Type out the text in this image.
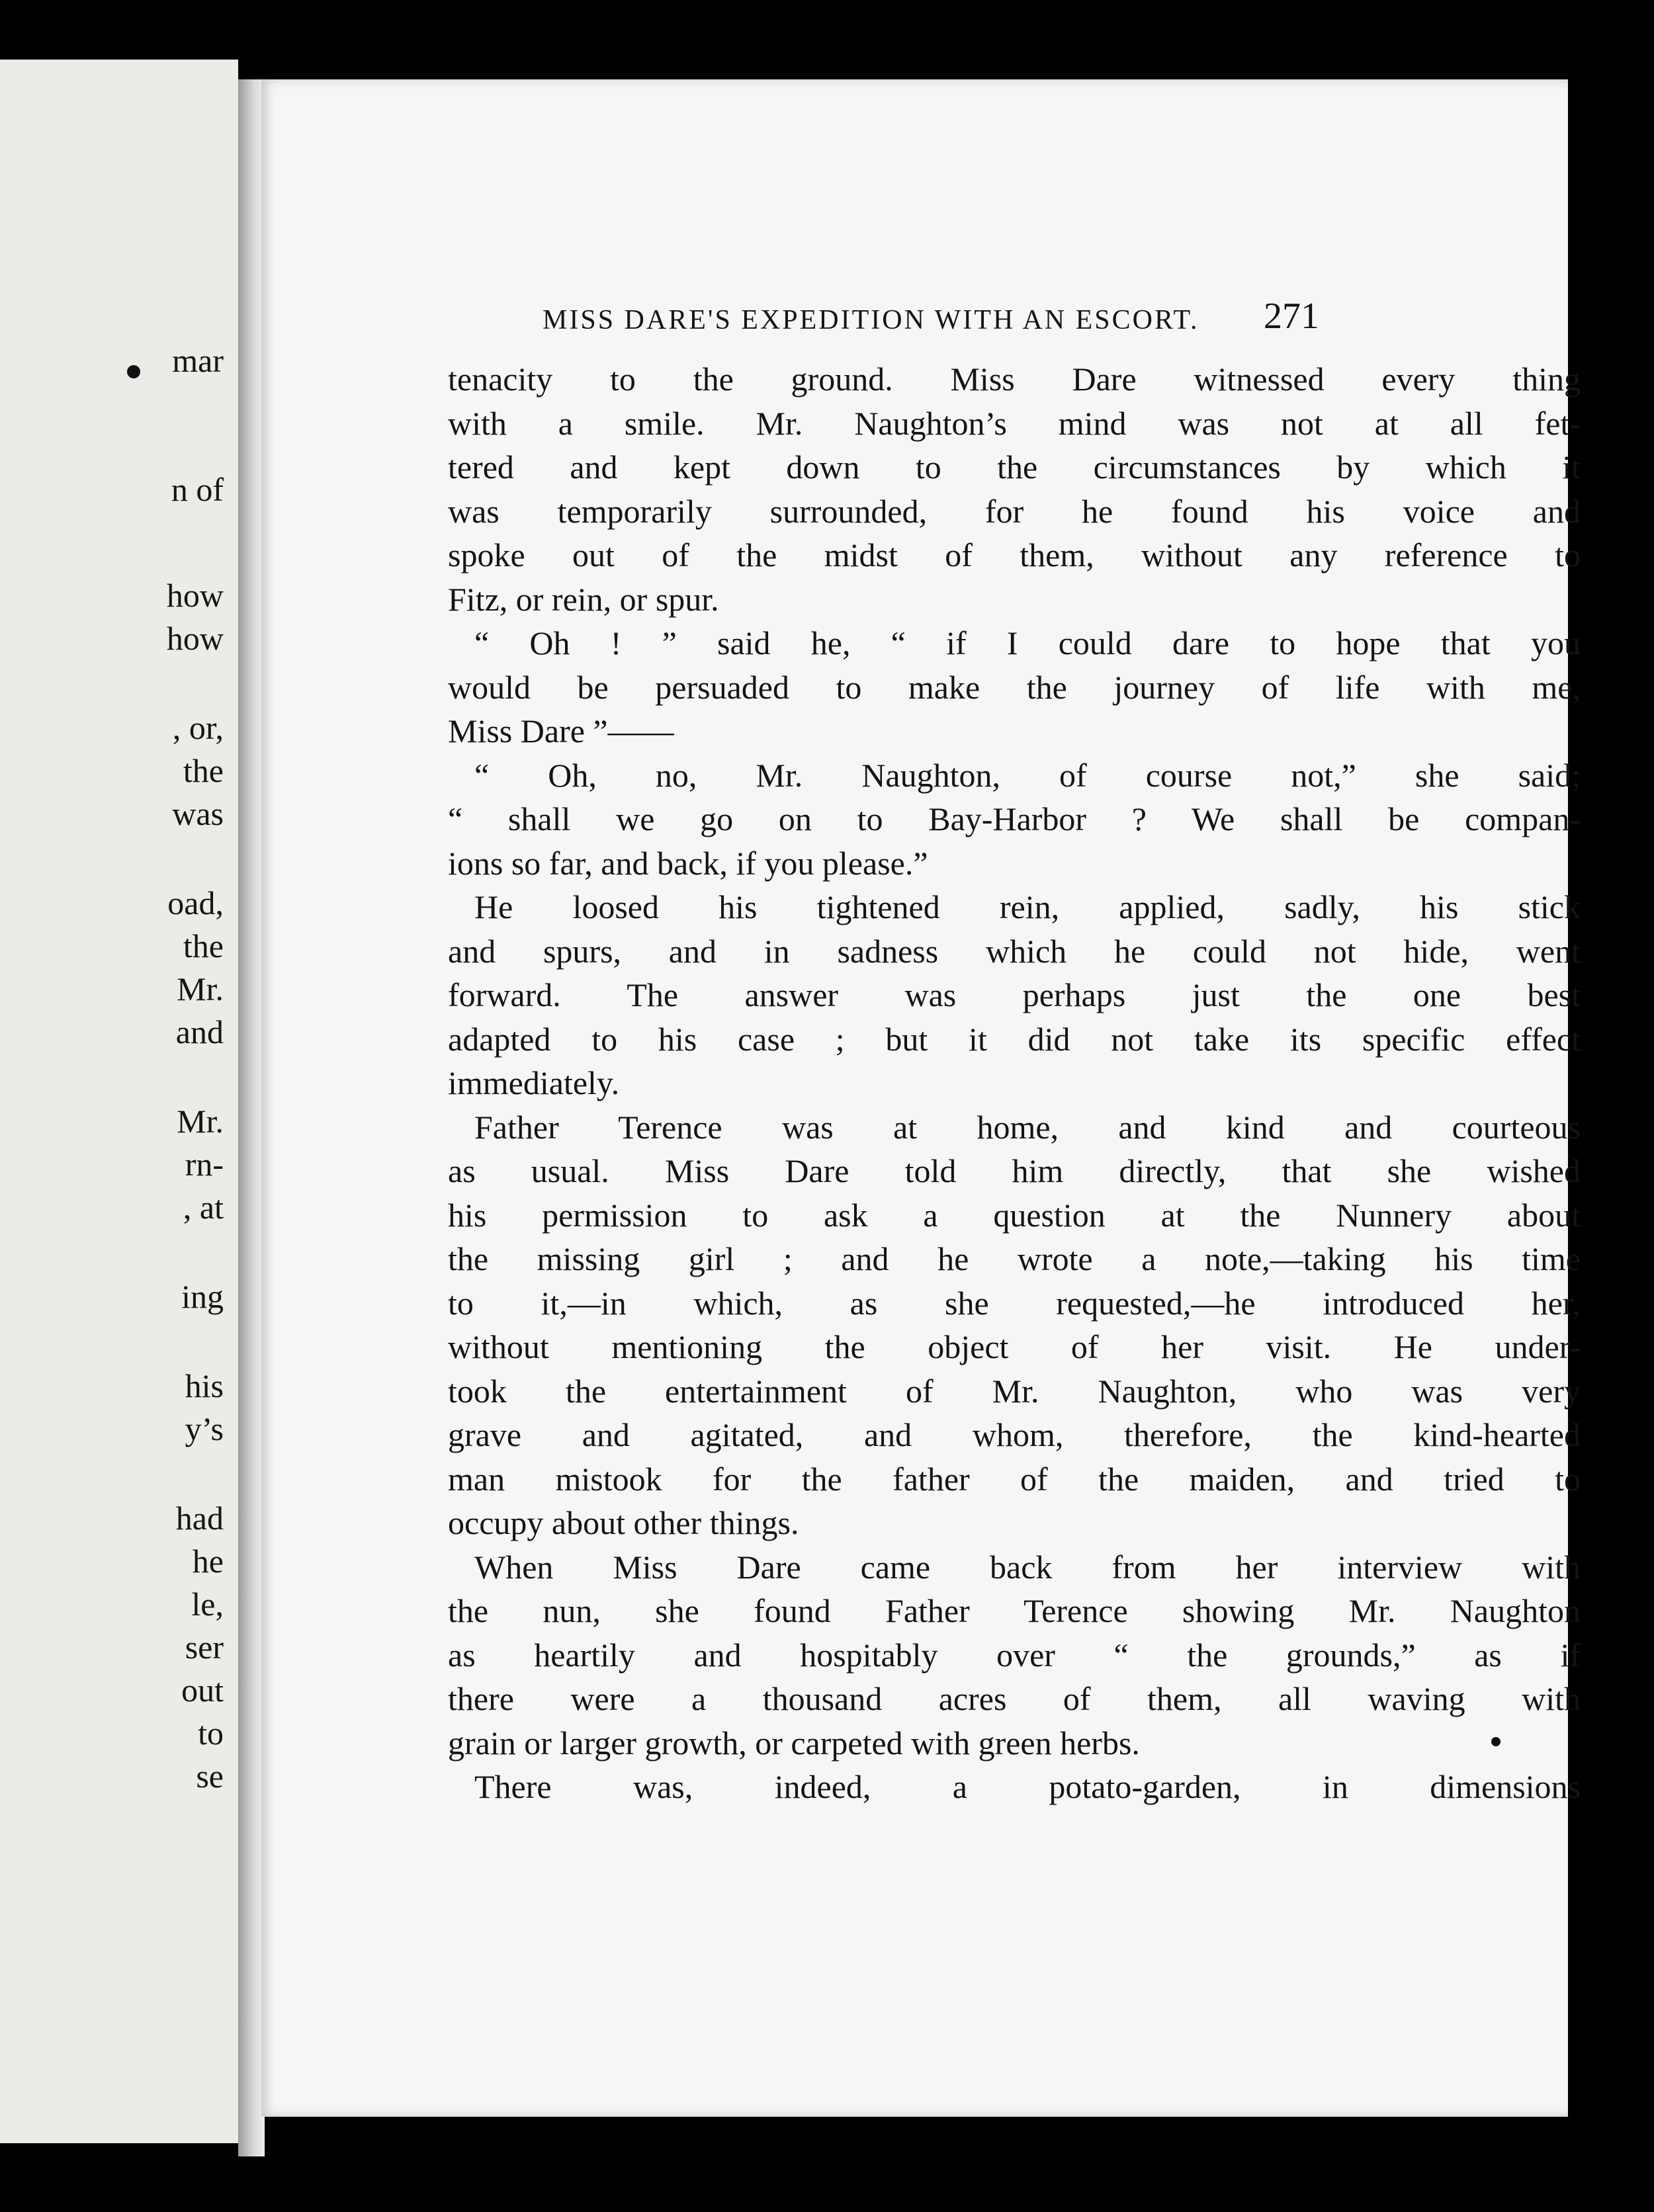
mar
n of
how
how
, or,
the
was
oad,
the
Mr.
and
Mr.
rn-
, at
ing
his
y’s
had
he
le,
ser
out
to
se
MISS DARE'S EXPEDITION WITH AN ESCORT. 271
tenacity to the ground. Miss Dare witnessed every thing
with a smile. Mr. Naughton’s mind was not at all fet-
tered and kept down to the circumstances by which it
was temporarily surrounded, for he found his voice and
spoke out of the midst of them, without any reference to
Fitz, or rein, or spur.
“ Oh ! ” said he, “ if I could dare to hope that you
would be persuaded to make the journey of life with me,
Miss Dare ”——
“ Oh, no, Mr. Naughton, of course not,” she said;
“ shall we go on to Bay-Harbor ? We shall be compan-
ions so far, and back, if you please.”
He loosed his tightened rein, applied, sadly, his stick
and spurs, and in sadness which he could not hide, went
forward. The answer was perhaps just the one best
adapted to his case ; but it did not take its specific effect
immediately.
Father Terence was at home, and kind and courteous
as usual. Miss Dare told him directly, that she wished
his permission to ask a question at the Nunnery about
the missing girl ; and he wrote a note,—taking his time
to it,—in which, as she requested,—he introduced her,
without mentioning the object of her visit. He under-
took the entertainment of Mr. Naughton, who was very
grave and agitated, and whom, therefore, the kind-hearted
man mistook for the father of the maiden, and tried to
occupy about other things.
When Miss Dare came back from her interview with
the nun, she found Father Terence showing Mr. Naughton
as heartily and hospitably over “ the grounds,” as if
there were a thousand acres of them, all waving with
grain or larger growth, or carpeted with green herbs.
There was, indeed, a potato-garden, in dimensions
